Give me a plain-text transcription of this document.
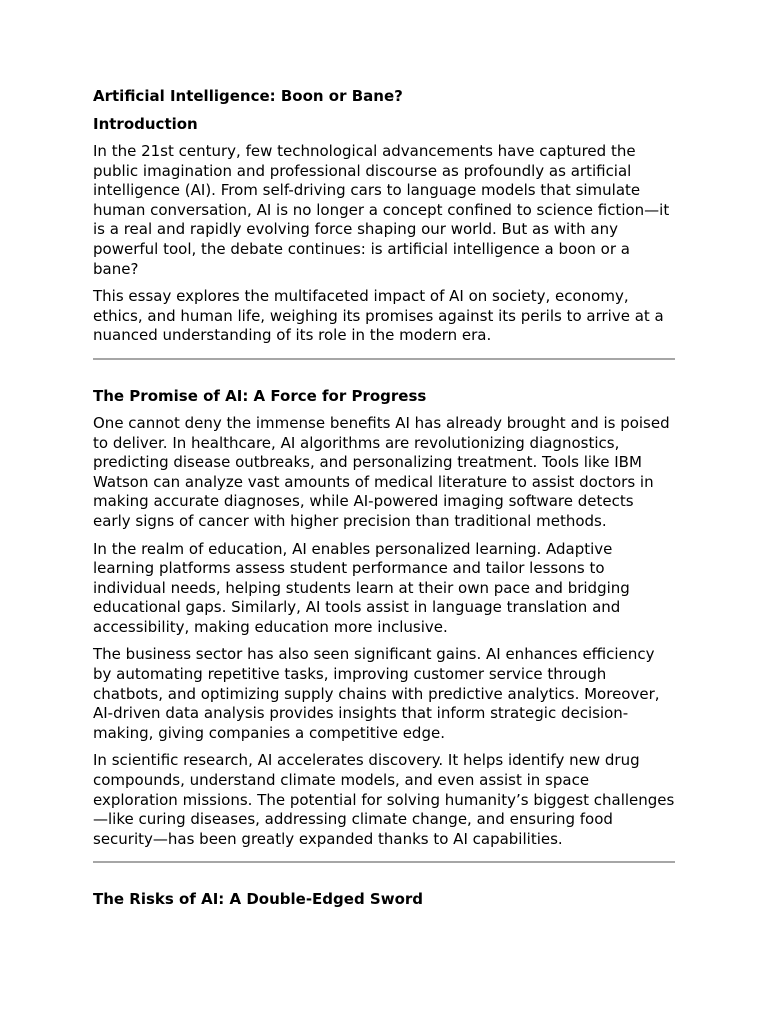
Artificial Intelligence: Boon or Bane?
Introduction

In the 21st century, few technological advancements have captured the public imagination and professional discourse as profoundly as artificial intelligence (AI). From self-driving cars to language models that simulate human conversation, AI is no longer a concept confined to science fiction—it is a real and rapidly evolving force shaping our world. But as with any powerful tool, the debate continues: is artificial intelligence a boon or a bane?

This essay explores the multifaceted impact of AI on society, economy, ethics, and human life, weighing its promises against its perils to arrive at a nuanced understanding of its role in the modern era.

The Promise of AI: A Force for Progress

One cannot deny the immense benefits AI has already brought and is poised to deliver. In healthcare, AI algorithms are revolutionizing diagnostics, predicting disease outbreaks, and personalizing treatment. Tools like IBM Watson can analyze vast amounts of medical literature to assist doctors in making accurate diagnoses, while AI-powered imaging software detects early signs of cancer with higher precision than traditional methods.

In the realm of education, AI enables personalized learning. Adaptive learning platforms assess student performance and tailor lessons to individual needs, helping students learn at their own pace and bridging educational gaps. Similarly, AI tools assist in language translation and accessibility, making education more inclusive.

The business sector has also seen significant gains. AI enhances efficiency by automating repetitive tasks, improving customer service through chatbots, and optimizing supply chains with predictive analytics. Moreover, AI-driven data analysis provides insights that inform strategic decision-making, giving companies a competitive edge.

In scientific research, AI accelerates discovery. It helps identify new drug compounds, understand climate models, and even assist in space exploration missions. The potential for solving humanity’s biggest challenges—like curing diseases, addressing climate change, and ensuring food security—has been greatly expanded thanks to AI capabilities.

The Risks of AI: A Double-Edged Sword
